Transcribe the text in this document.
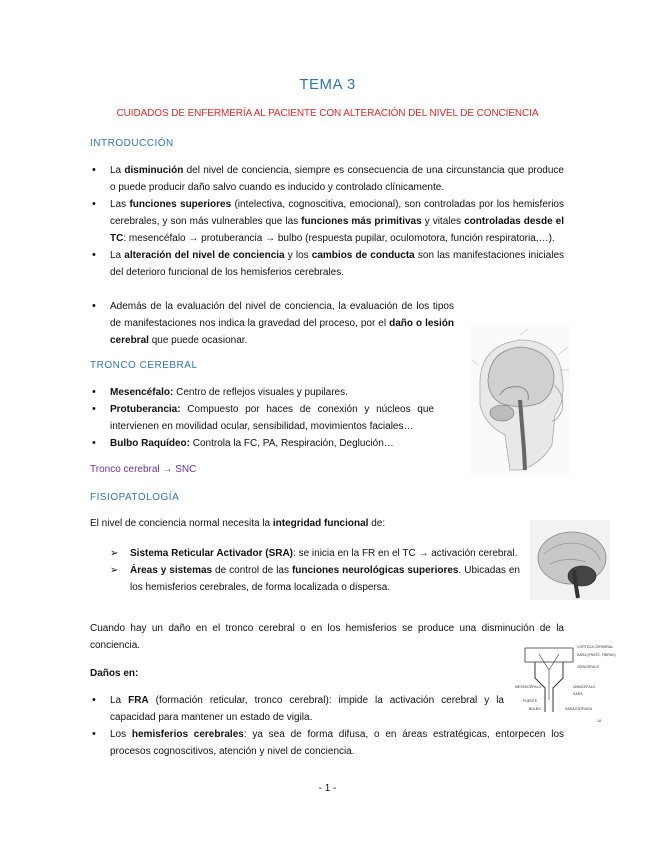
TEMA 3
CUIDADOS DE ENFERMERÍA AL PACIENTE CON ALTERACIÓN DEL NIVEL DE CONCIENCIA
INTRODUCCIÓN
• La disminución del nivel de conciencia, siempre es consecuencia de una circunstancia que produce o puede producir daño salvo cuando es inducido y controlado clínicamente.
• Las funciones superiores (intelectiva, cognoscitiva, emocional), son controladas por los hemisferios cerebrales, y son más vulnerables que las funciones más primitivas y vitales controladas desde el TC: mesencéfalo → protuberancia → bulbo (respuesta pupilar, oculomotora, función respiratoria,…).
• La alteración del nivel de conciencia y los cambios de conducta son las manifestaciones iniciales del deterioro funcional de los hemisferios cerebrales.
• Además de la evaluación del nivel de conciencia, la evaluación de los tipos de manifestaciones nos indica la gravedad del proceso, por el daño o lesión cerebral que puede ocasionar.
TRONCO CEREBRAL
• Mesencéfalo: Centro de reflejos visuales y pupilares.
• Protuberancia: Compuesto por haces de conexión y núcleos que intervienen en movilidad ocular, sensibilidad, movimientos faciales…
• Bulbo Raquídeo: Controla la FC, PA, Respiración, Deglución…
Tronco cerebral → SNC
FISIOPATOLOGÍA
El nivel de conciencia normal necesita la integridad funcional de:
➢ Sistema Reticular Activador (SRA): se inicia en la FR en el TC → activación cerebral.
➢ Áreas y sistemas de control de las funciones neurológicas superiores. Ubicadas en los hemisferios cerebrales, de forma localizada o dispersa.
Cuando hay un daño en el tronco cerebral o en los hemisferios se produce una disminución de la conciencia.
Daños en:
• La FRA (formación reticular, tronco cerebral): impide la activación cerebral y la capacidad para mantener un estado de vigila.
• Los hemisferios cerebrales: ya sea de forma difusa, o en áreas estratégicas, entorpecen los procesos cognoscitivos, atención y nivel de conciencia.
CORTEZA CEREBRAL
SARA (FRATC, FIBRAS)
DIENCÉFALO
MESENCÉFALO	UNINCEFALO
SARA
PUENTE
BULBO	SARA ENTRADA
1A
- 1 -
